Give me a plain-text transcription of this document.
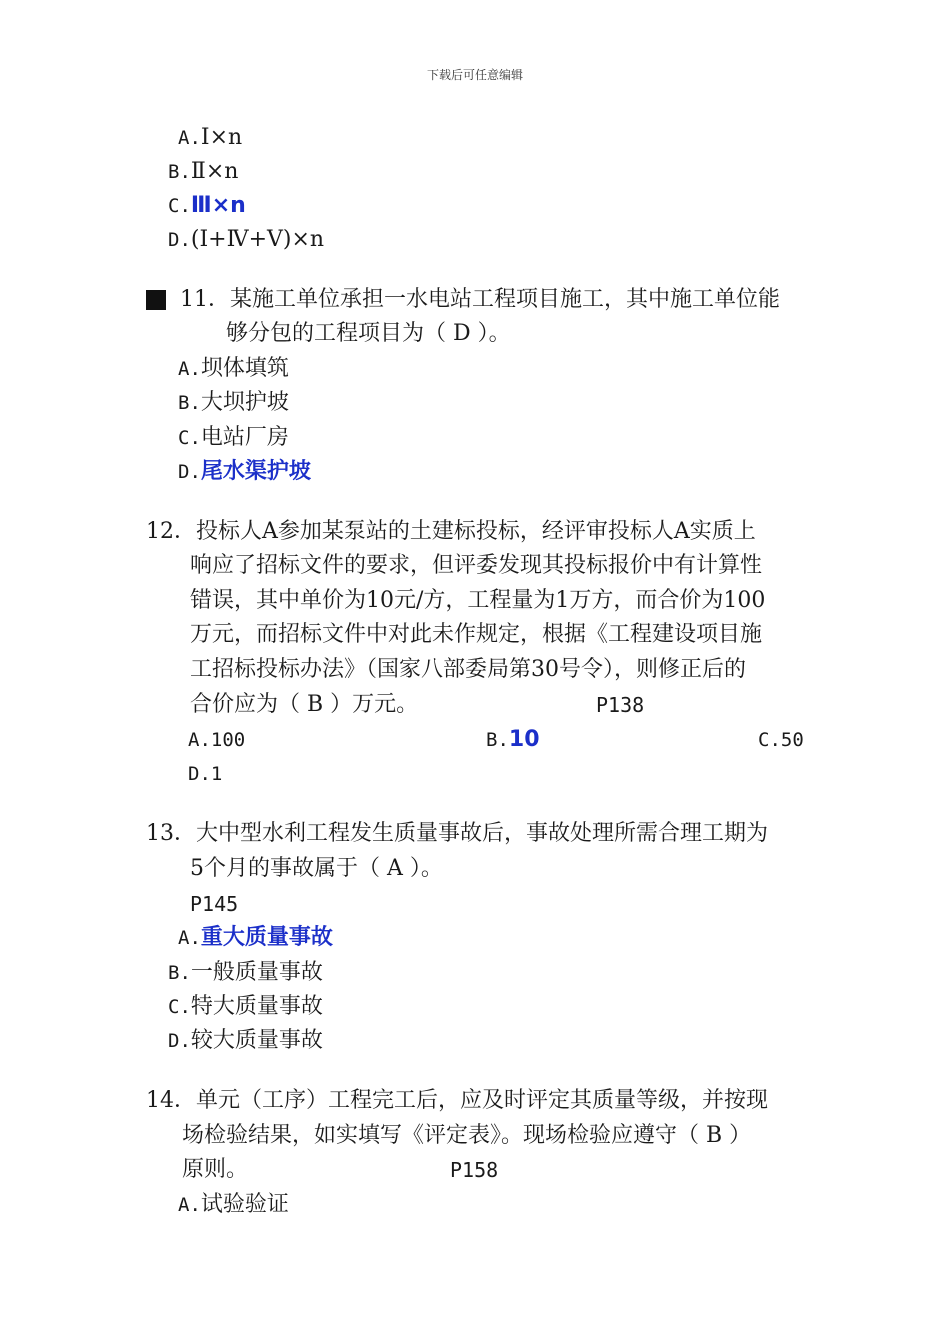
下载后可任意编辑
A.Ⅰ×n
B.Ⅱ×n
C.Ⅲ×n
D.(Ⅰ+Ⅳ+Ⅴ)×n
11．某施工单位承担一水电站工程项目施工，其中施工单位能
够分包的工程项目为（ D ）。
A.坝体填筑
B.大坝护坡
C.电站厂房
D.尾水渠护坡
12．投标人A参加某泵站的土建标投标，经评审投标人A实质上
响应了招标文件的要求，但评委发现其投标报价中有计算性
错误，其中单价为10元/方，工程量为1万方，而合价为100
万元，而招标文件中对此未作规定，根据《工程建设项目施
工招标投标办法》（国家八部委局第30号令），则修正后的
合价应为（ B ）万元。	P138
A.100	B.10	C.50
D.1
13．大中型水利工程发生质量事故后，事故处理所需合理工期为
5个月的事故属于（ A ）。
P145
A.重大质量事故
B.一般质量事故
C.特大质量事故
D.较大质量事故
14．单元（工序）工程完工后，应及时评定其质量等级，并按现
场检验结果，如实填写《评定表》。现场检验应遵守（ B ）
原则。	P158
A.试验验证
